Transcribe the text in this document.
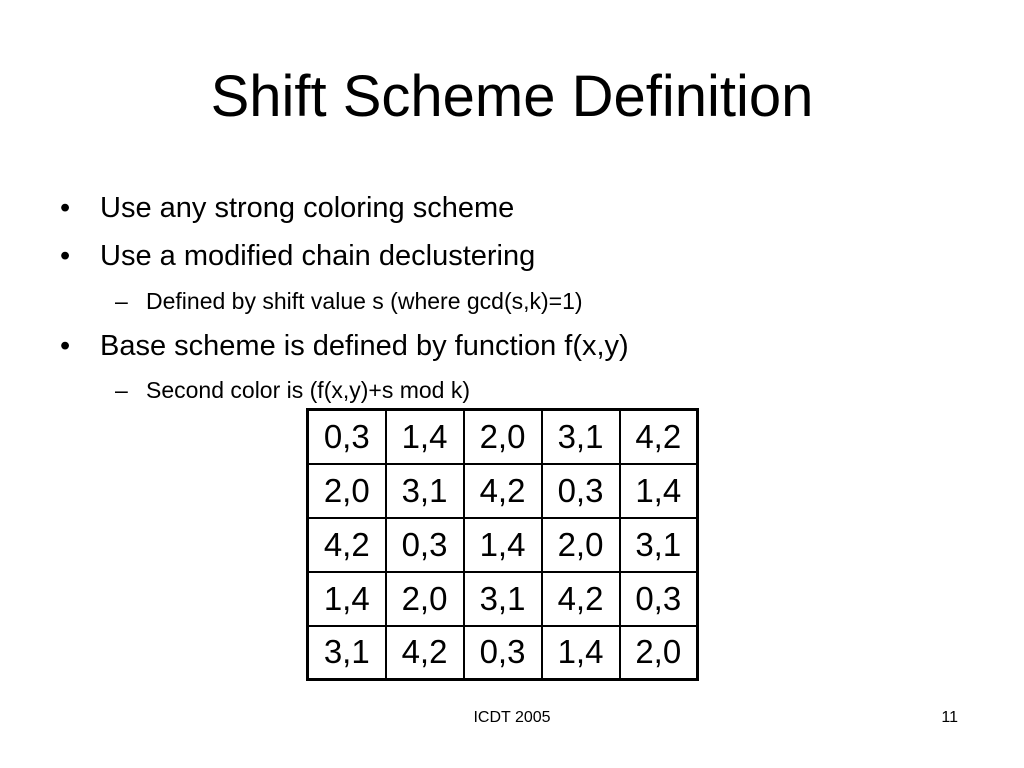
Shift Scheme Definition
• Use any strong coloring scheme
• Use a modified chain declustering
– Defined by shift value s (where gcd(s,k)=1)
• Base scheme is defined by function f(x,y)
– Second color is (f(x,y)+s mod k)
0,3	1,4	2,0	3,1	4,2
2,0	3,1	4,2	0,3	1,4
4,2	0,3	1,4	2,0	3,1
1,4	2,0	3,1	4,2	0,3
3,1	4,2	0,3	1,4	2,0
ICDT 2005	11
